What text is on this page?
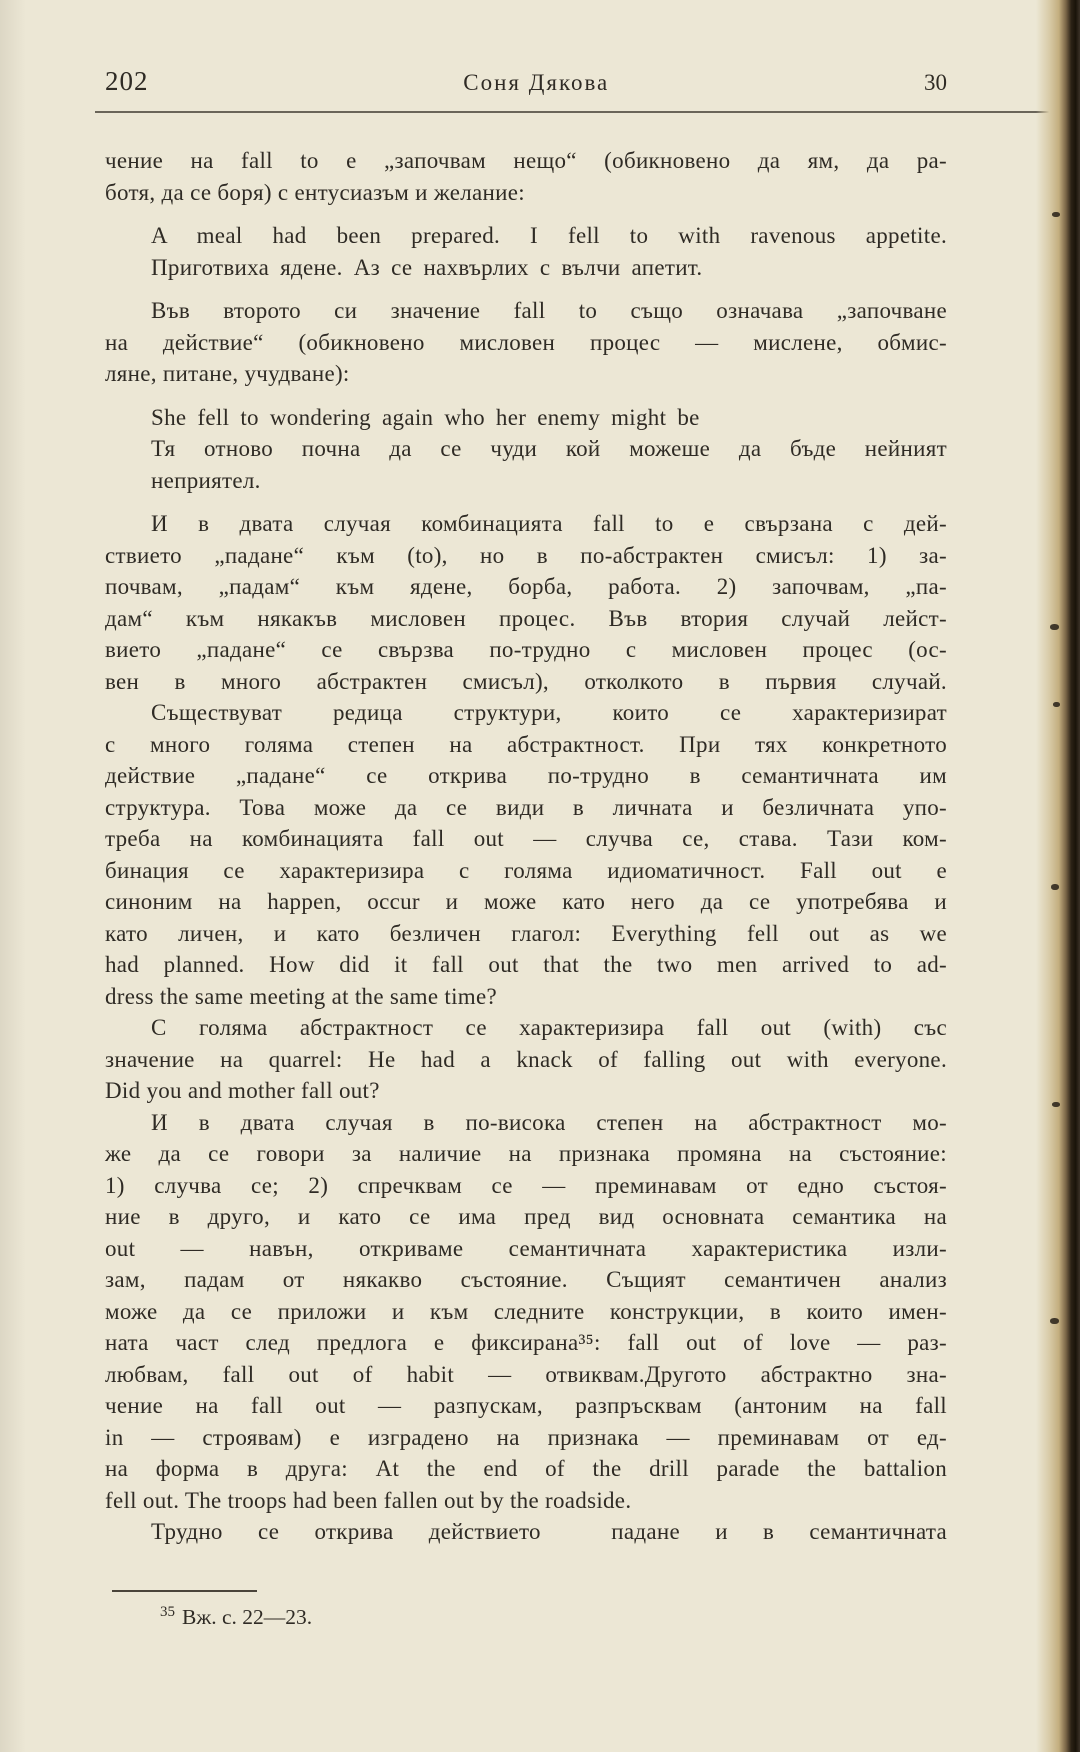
202	Соня Дякова	30
чение на fall to е „започвам нещо“ (обикновено да ям, да ра-
ботя, да се боря) с ентусиазъм и желание:
A meal had been prepared. I fell to with ravenous appetite.
Приготвиха ядене. Аз се нахвърлих с вълчи апетит.
Във второто си значение fall to също означава „започване
на действие“ (обикновено мисловен процес — мислене, обмис-
ляне, питане, учудване):
She fell to wondering again who her enemy might be
Тя отново почна да се чуди кой можеше да бъде нейният
неприятел.
И в двата случая комбинацията fall to е свързана с дей-
ствието „падане“ към (to), но в по-абстрактен смисъл: 1) за-
почвам, „падам“ към ядене, борба, работа. 2) започвам, „па-
дам“ към някакъв мисловен процес. Във втория случай лейст-
вието „падане“ се свързва по-трудно с мисловен процес (ос-
вен в много абстрактен смисъл), отколкото в първия случай.
Съществуват редица структури, които се характеризират
с много голяма степен на абстрактност. При тях конкретното
действие „падане“ се открива по-трудно в семантичната им
структура. Това може да се види в личната и безличната упо-
треба на комбинацията fall out — случва се, става. Тази ком-
бинация се характеризира с голяма идиоматичност. Fall out е
синоним на happen, occur и може като него да се употребява и
като личен, и като безличен глагол: Everything fell out as we
had planned. How did it fall out that the two men arrived to ad-
dress the same meeting at the same time?
С голяма абстрактност се характеризира fall out (with) със
значение на quarrel: He had a knack of falling out with everyone.
Did you and mother fall out?
И в двата случая в по-висока степен на абстрактност мо-
же да се говори за наличие на признака промяна на състояние:
1) случва се; 2) спречквам се — преминавам от едно състоя-
ние в друго, и като се има пред вид основната семантика на
out — навън, откриваме семантичната характеристика изли-
зам, падам от някакво състояние. Същият семантичен анализ
може да се приложи и към следните конструкции, в които имен-
ната част след предлога е фиксирана³⁵: fall out of love — раз-
любвам, fall out of habit — отвиквам.Другото абстрактно зна-
чение на fall out — разпускам, разпръсквам (антоним на fall
in — строявам) е изградено на признака — преминавам от ед-
на форма в друга: At the end of the drill parade the battalion
fell out. The troops had been fallen out by the roadside.
Трудно се открива действието  падане и в семантичната
$^{35}$ Вж. с. 22—23.
